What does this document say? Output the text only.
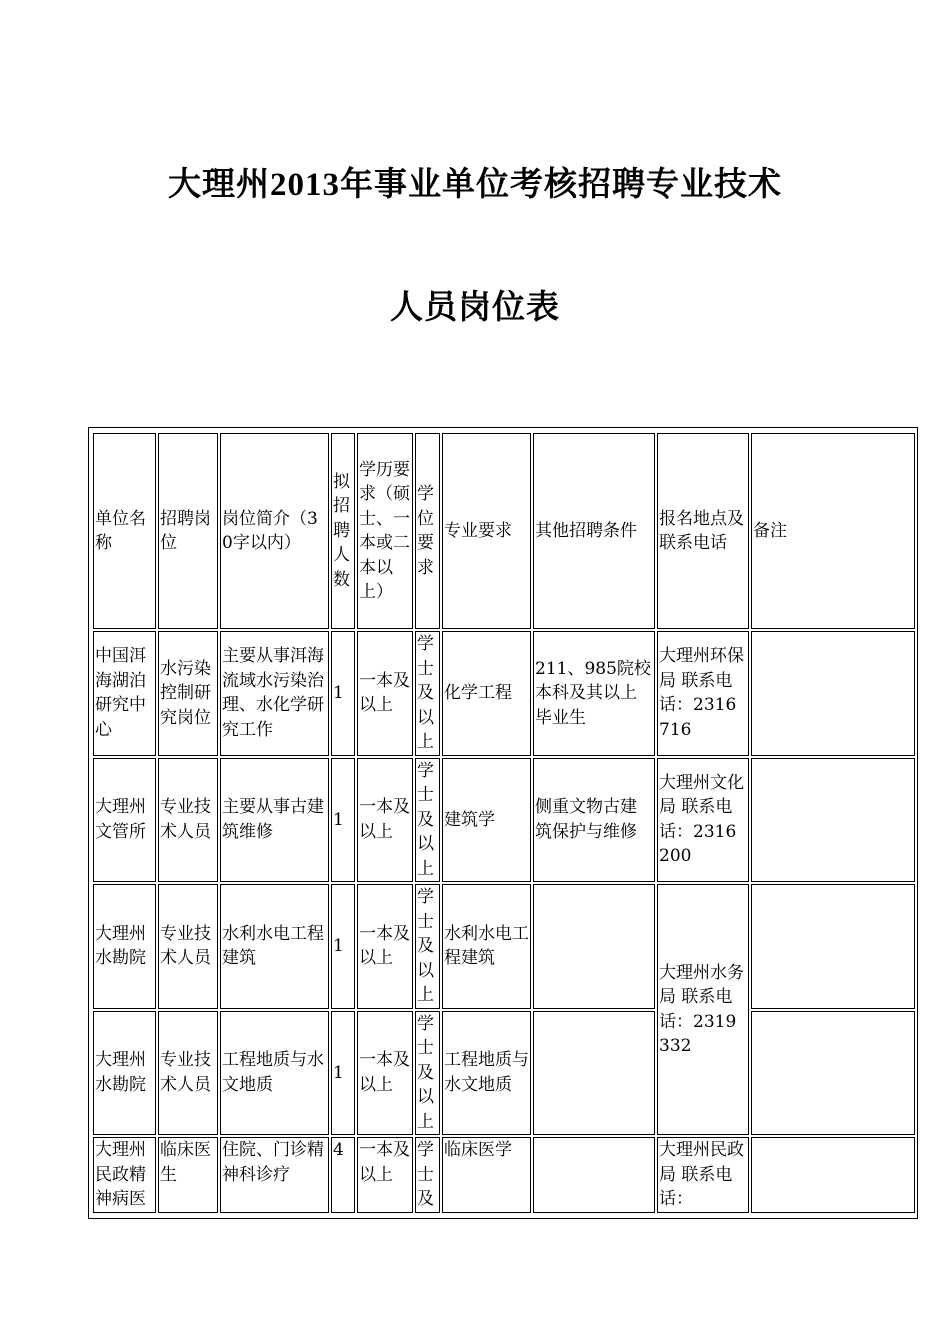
大理州2013年事业单位考核招聘专业技术
人员岗位表
单位名称	招聘岗位	岗位简介（30字以内）	拟招聘人数	学历要求（硕士、一本或二本以上）	学位要求	专业要求	其他招聘条件	报名地点及联系电话	备注
中国洱海湖泊研究中心	水污染控制研究岗位	主要从事洱海流域水污染治理、水化学研究工作	1	一本及以上	学士及以上	化学工程	211、985院校本科及其以上毕业生	大理州环保局 联系电话：2316716	
大理州文管所	专业技术人员	主要从事古建筑维修	1	一本及以上	学士及以上	建筑学	侧重文物古建筑保护与维修	大理州文化局 联系电话：2316200	
大理州水勘院	专业技术人员	水利水电工程建筑	1	一本及以上	学士及以上	水利水电工程建筑		大理州水务局 联系电话：2319332	
大理州水勘院	专业技术人员	工程地质与水文地质	1	一本及以上	学士及以上	工程地质与水文地质			
大理州民政精神病医	临床医生	住院、门诊精神科诊疗	4	一本及以上	学士及	临床医学		大理州民政局 联系电话：	
